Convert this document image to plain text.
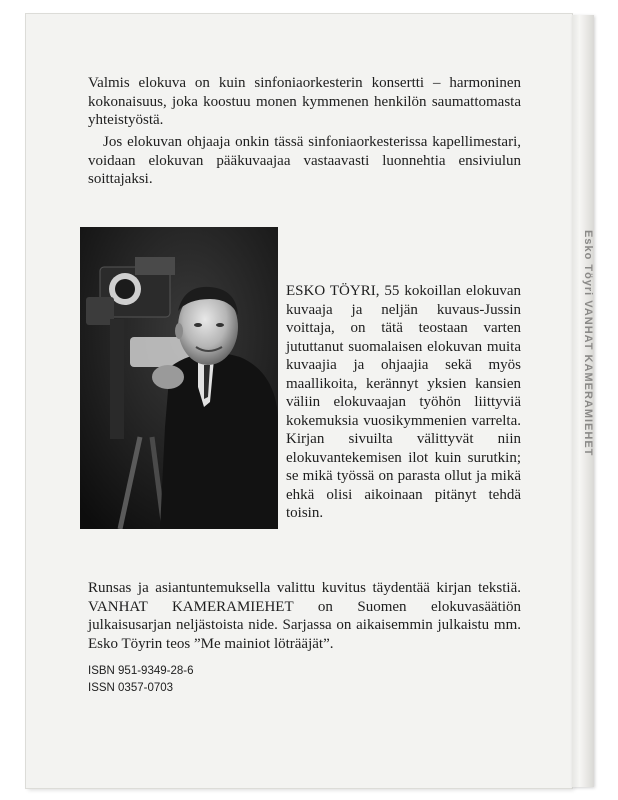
Esko Töyri VANHAT KAMERAMIEHET

Valmis elokuva on kuin sinfoniaorkesterin konsertti – harmoninen kokonaisuus, joka koostuu monen kymmenen henkilön saumattomasta yhteistyöstä.

Jos elokuvan ohjaaja onkin tässä sinfoniaorkesterissa kapellimestari, voidaan elokuvan pääkuvaajaa vastaavasti luonnehtia ensiviulun soittajaksi.

ESKO TÖYRI, 55 kokoillan elokuvan kuvaaja ja neljän kuvaus-Jussin voittaja, on tätä teostaan varten jututtanut suomalaisen elokuvan muita kuvaajia ja ohjaajia sekä myös maallikoita, kerännyt yksien kansien väliin elokuvaajan työhön liittyviä kokemuksia vuosikymmenien varrelta. Kirjan sivuilta välittyvät niin elokuvantekemisen ilot kuin surutkin; se mikä työssä on parasta ollut ja mikä ehkä olisi aikoinaan pitänyt tehdä toisin.

Runsas ja asiantuntemuksella valittu kuvitus täydentää kirjan tekstiä. VANHAT KAMERAMIEHET on Suomen elokuvasäätiön julkaisusarjan neljästoista nide. Sarjassa on aikaisemmin julkaistu mm. Esko Töyrin teos ”Me mainiot löträäjät”.

ISBN 951-9349-28-6
ISSN 0357-0703
